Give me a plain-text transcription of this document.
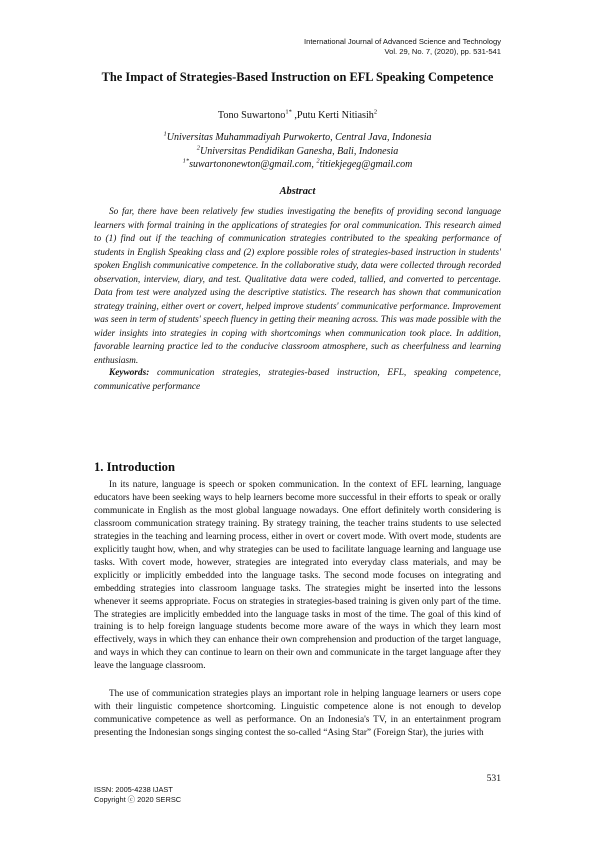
International Journal of Advanced Science and Technology
Vol. 29, No. 7, (2020), pp. 531-541
The Impact of Strategies-Based Instruction on EFL Speaking Competence
Tono Suwartono$^{1*}$ ,Putu Kerti Nitiasih$^2$
$^1$Universitas Muhammadiyah Purwokerto, Central Java, Indonesia
$^2$Universitas Pendidikan Ganesha, Bali, Indonesia
$^{1*}$suwartononewton@gmail.com, $^2$titiekjegeg@gmail.com
Abstract

So far, there have been relatively few studies investigating the benefits of providing second language learners with formal training in the applications of strategies for oral communication. This research aimed to (1) find out if the teaching of communication strategies contributed to the speaking performance of students in English Speaking class and (2) explore possible roles of strategies-based instruction in students' spoken English communicative competence. In the collaborative study, data were collected through recorded observation, interview, diary, and test. Qualitative data were coded, tallied, and converted to percentage. Data from test were analyzed using the descriptive statistics. The research has shown that communication strategy training, either overt or covert, helped improve students' communicative performance. Improvement was seen in term of students' speech fluency in getting their meaning across. This was made possible with the wider insights into strategies in coping with shortcomings when communication took place. In addition, favorable learning practice led to the conducive classroom atmosphere, such as cheerfulness and learning enthusiasm.

Keywords: communication strategies, strategies-based instruction, EFL, speaking competence, communicative performance

1. Introduction

In its nature, language is speech or spoken communication. In the context of EFL learning, language educators have been seeking ways to help learners become more successful in their efforts to speak or orally communicate in English as the most global language nowadays. One effort definitely worth considering is classroom communication strategy training. By strategy training, the teacher trains students to use selected strategies in the teaching and learning process, either in overt or covert mode. With overt mode, students are explicitly taught how, when, and why strategies can be used to facilitate language learning and language use tasks. With covert mode, however, strategies are integrated into everyday class materials, and may be explicitly or implicitly embedded into the language tasks. The second mode focuses on integrating and embedding strategies into classroom language tasks. The strategies might be inserted into the lessons whenever it seems appropriate. Focus on strategies in strategies-based training is given only part of the time. The strategies are implicitly embedded into the language tasks in most of the time. The goal of this kind of training is to help foreign language students become more aware of the ways in which they learn most effectively, ways in which they can enhance their own comprehension and production of the target language, and ways in which they can continue to learn on their own and communicate in the target language after they leave the language classroom.

The use of communication strategies plays an important role in helping language learners or users cope with their linguistic competence shortcoming. Linguistic competence alone is not enough to develop communicative competence as well as performance. On an Indonesia's TV, in an entertainment program presenting the Indonesian songs singing contest the so-called “Asing Star” (Foreign Star), the juries with

531
ISSN: 2005-4238 IJAST
Copyright ⓒ 2020 SERSC
